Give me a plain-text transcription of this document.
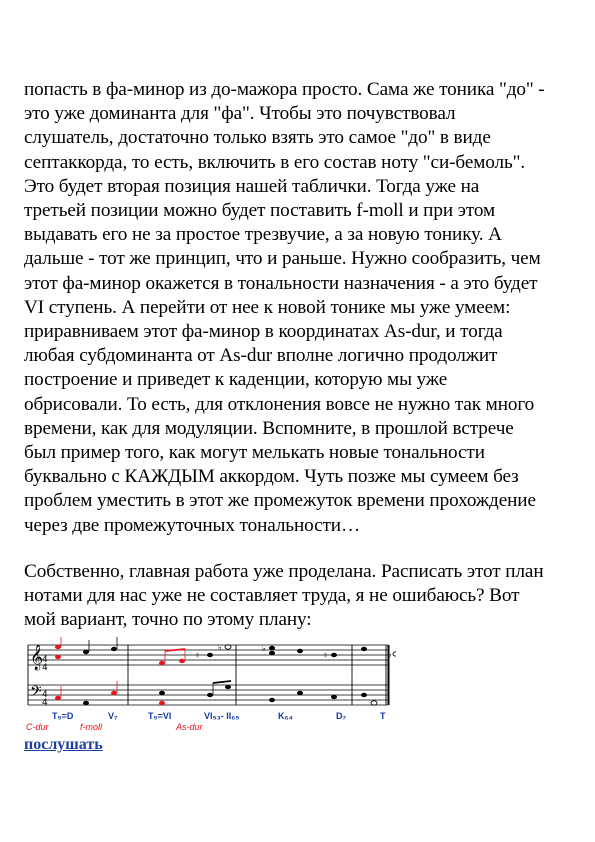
попасть в фа-минор из до-мажора просто. Сама же тоника "до" -
это уже доминанта для "фа". Чтобы это почувствовал
слушатель, достаточно только взять это самое "до" в виде
септаккорда, то есть, включить в его состав ноту "си-бемоль".
Это будет вторая позиция нашей таблички. Тогда уже на
третьей позиции можно будет поставить f-moll и при этом
выдавать его не за простое трезвучие, а за новую тонику. А
дальше - тот же принцип, что и раньше. Нужно сообразить, чем
этот фа-минор окажется в тональности назначения - а это будет
VI ступень. А перейти от нее к новой тонике мы уже умеем:
приравниваем этот фа-минор в координатах As-dur, и тогда
любая субдоминанта от As-dur вполне логично продолжит
построение и приведет к каденции, которую мы уже
обрисовали. То есть, для отклонения вовсе не нужно так много
времени, как для модуляции. Вспомните, в прошлой встрече
был пример того, как могут мелькать новые тональности
буквально с КАЖДЫМ аккордом. Чуть позже мы сумеем без
проблем уместить в этот же промежуток времени прохождение
через две промежуточных тональности…

Собственно, главная работа уже проделана. Расписать этот план
нотами для нас уже не составляет труда, я не ошибаюсь? Вот
мой вариант, точно по этому плану:

𝄞
𝄢
4
4
4
4
♮
♭	♭
♮	♭
T₅=D	V₇	T₅=VI	VI₅₃- II₆₅	K₆₄	D₇	T
C-dur	f-moll	As-dur
послушать
